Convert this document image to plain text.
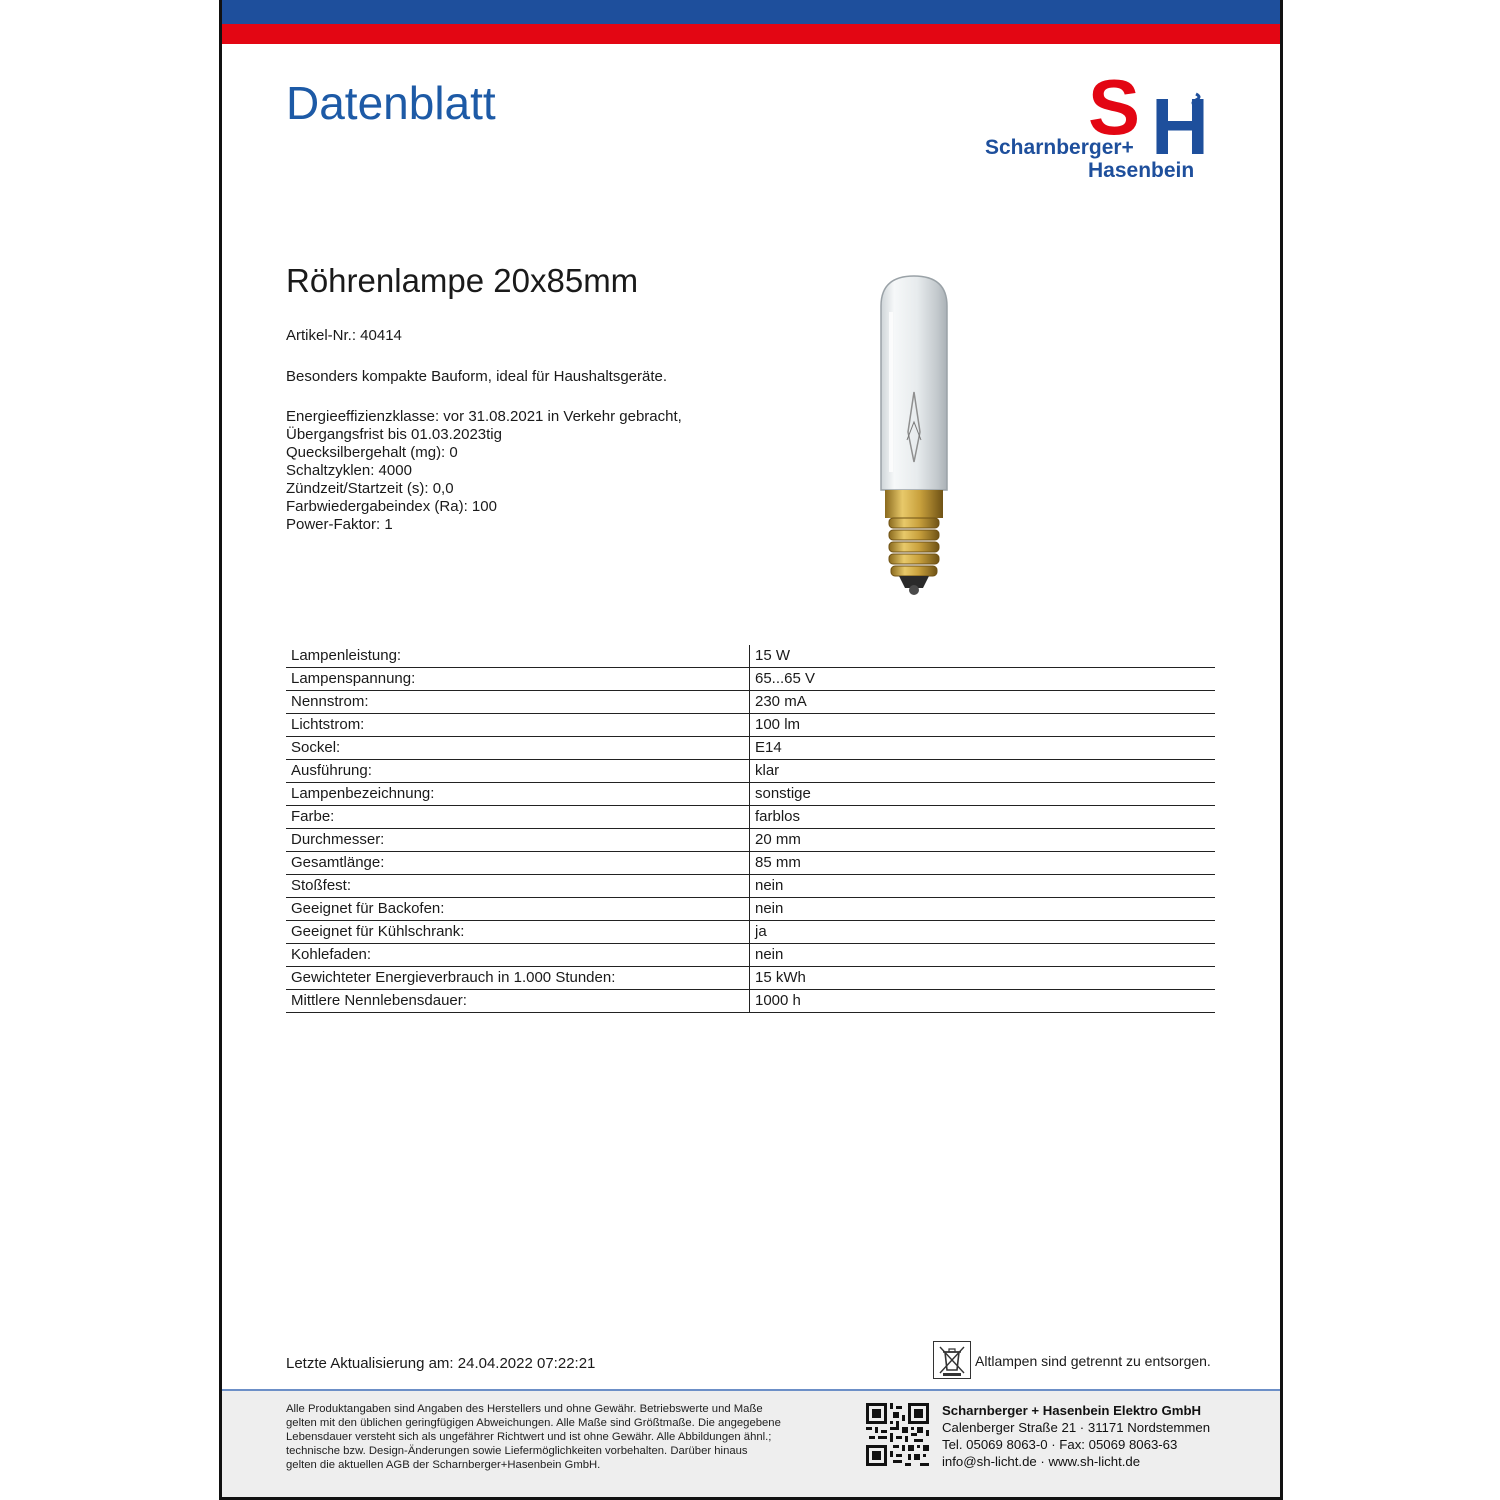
Datenblatt	S H
Scharnberger+
Hasenbein
Röhrenlampe 20x85mm
Artikel-Nr.: 40414
Besonders kompakte Bauform, ideal für Haushaltsgeräte.
Energieeffizienzklasse: vor 31.08.2021 in Verkehr gebracht,
Übergangsfrist bis 01.03.2023tig
Quecksilbergehalt (mg): 0
Schaltzyklen: 4000
Zündzeit/Startzeit (s): 0,0
Farbwiedergabeindex (Ra): 100
Power-Faktor: 1
Lampenleistung:	15 W
Lampenspannung:	65...65 V
Nennstrom:	230 mA
Lichtstrom:	100 lm
Sockel:	E14
Ausführung:	klar
Lampenbezeichnung:	sonstige
Farbe:	farblos
Durchmesser:	20 mm
Gesamtlänge:	85 mm
Stoßfest:	nein
Geeignet für Backofen:	nein
Geeignet für Kühlschrank:	ja
Kohlefaden:	nein
Gewichteter Energieverbrauch in 1.000 Stunden:	15 kWh
Mittlere Nennlebensdauer:	1000 h
Letzte Aktualisierung am: 24.04.2022 07:22:21	Altlampen sind getrennt zu entsorgen.
Alle Produktangaben sind Angaben des Herstellers und ohne Gewähr. Betriebswerte und Maße
gelten mit den üblichen geringfügigen Abweichungen. Alle Maße sind Größtmaße. Die angegebene
Lebensdauer versteht sich als ungefährer Richtwert und ist ohne Gewähr. Alle Abbildungen ähnl.;
technische bzw. Design-Änderungen sowie Liefermöglichkeiten vorbehalten. Darüber hinaus
gelten die aktuellen AGB der Scharnberger+Hasenbein GmbH.
Scharnberger + Hasenbein Elektro GmbH
Calenberger Straße 21 · 31171 Nordstemmen
Tel. 05069 8063-0 · Fax: 05069 8063-63
info@sh-licht.de · www.sh-licht.de
